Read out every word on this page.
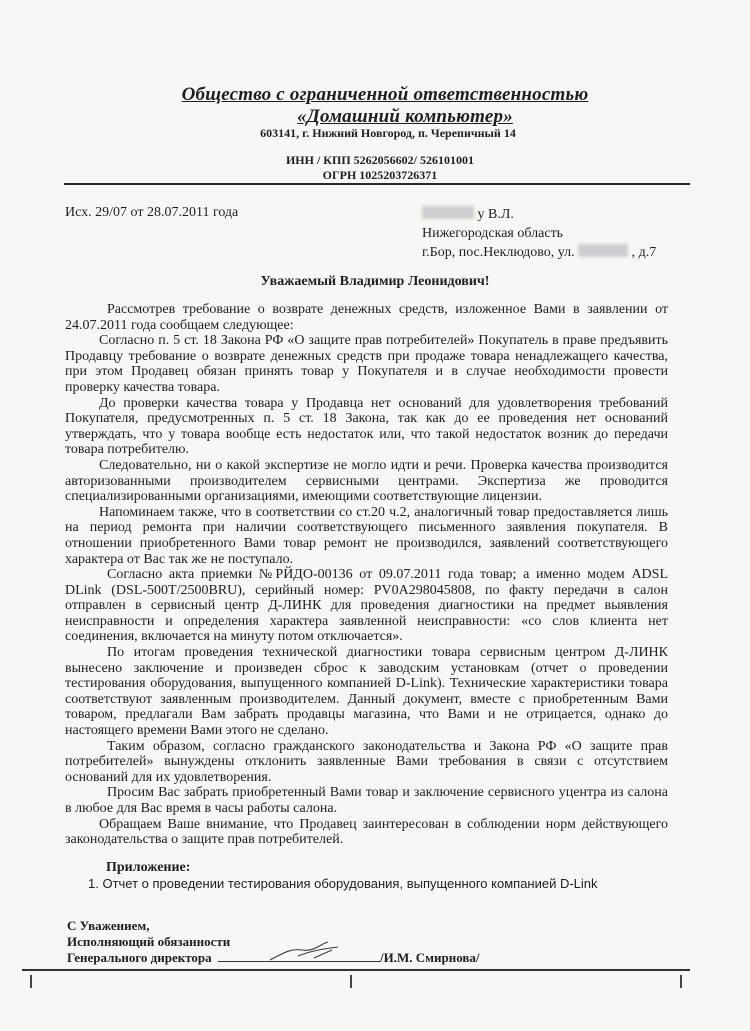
Общество с ограниченной ответственностью
«Домашний компьютер»
603141, г. Нижний Новгород, п. Черепичный 14
ИНН / КПП 5262056602/ 526101001
ОГРН 1025203726371
Исх. 29/07 от 28.07.2011 года	у В.Л.
Нижегородская область
г.Бор, пос.Неклюдово, ул.	, д.7
Уважаемый Владимир Леонидович!

Рассмотрев требование о возврате денежных средств, изложенное Вами в заявлении от 24.07.2011 года сообщаем следующее:

Согласно п. 5 ст. 18 Закона РФ «О защите прав потребителей» Покупатель в праве предъявить Продавцу требование о возврате денежных средств при продаже товара ненадлежащего качества, при этом Продавец обязан принять товар у Покупателя и в случае необходимости провести проверку качества товара.

До проверки качества товара у Продавца нет оснований для удовлетворения требований Покупателя, предусмотренных п. 5 ст. 18 Закона, так как до ее проведения нет оснований утверждать, что у товара вообще есть недостаток или, что такой недостаток возник до передачи товара потребителю.

Следовательно, ни о какой экспертизе не могло идти и речи. Проверка качества производится авторизованными производителем сервисными центрами. Экспертиза же проводится специализированными организациями, имеющими соответствующие лицензии.

Напоминаем также, что в соответствии со ст.20 ч.2, аналогичный товар предоставляется лишь на период ремонта при наличии соответствующего письменного заявления покупателя. В отношении приобретенного Вами товар ремонт не производился, заявлений соответствующего характера от Вас так же не поступало.

Согласно акта приемки №РЙДО-00136 от 09.07.2011 года товар; а именно модем ADSL DLink (DSL-500T/2500BRU), серийный номер: PV0A298045808, по факту передачи в салон отправлен в сервисный центр Д-ЛИНК для проведения диагностики на предмет выявления неисправности и определения характера заявленной неисправности: «со слов клиента нет соединения, включается на минуту потом отключается».

По итогам проведения технической диагностики товара сервисным центром Д-ЛИНК вынесено заключение и произведен сброс к заводским установкам (отчет о проведении тестирования оборудования, выпущенного компанией D-Link). Технические характеристики товара соответствуют заявленным производителем. Данный документ, вместе с приобретенным Вами товаром, предлагали Вам забрать продавцы магазина, что Вами и не отрицается, однако до настоящего времени Вами этого не сделано.

Таким образом, согласно гражданского законодательства и Закона РФ «О защите прав потребителей» вынуждены отклонить заявленные Вами требования в связи с отсутствием оснований для их удовлетворения.

Просим Вас забрать приобретенный Вами товар и заключение сервисного уцентра из салона в любое для Вас время в часы работы салона.

Обращаем Ваше внимание, что Продавец заинтересован в соблюдении норм действующего законодательства о защите прав потребителей.

Приложение:
1. Отчет о проведении тестирования оборудования, выпущенного компанией D-Link
С Уважением,
Исполняющий обязанности
Генерального директора	/И.М. Смирнова/
